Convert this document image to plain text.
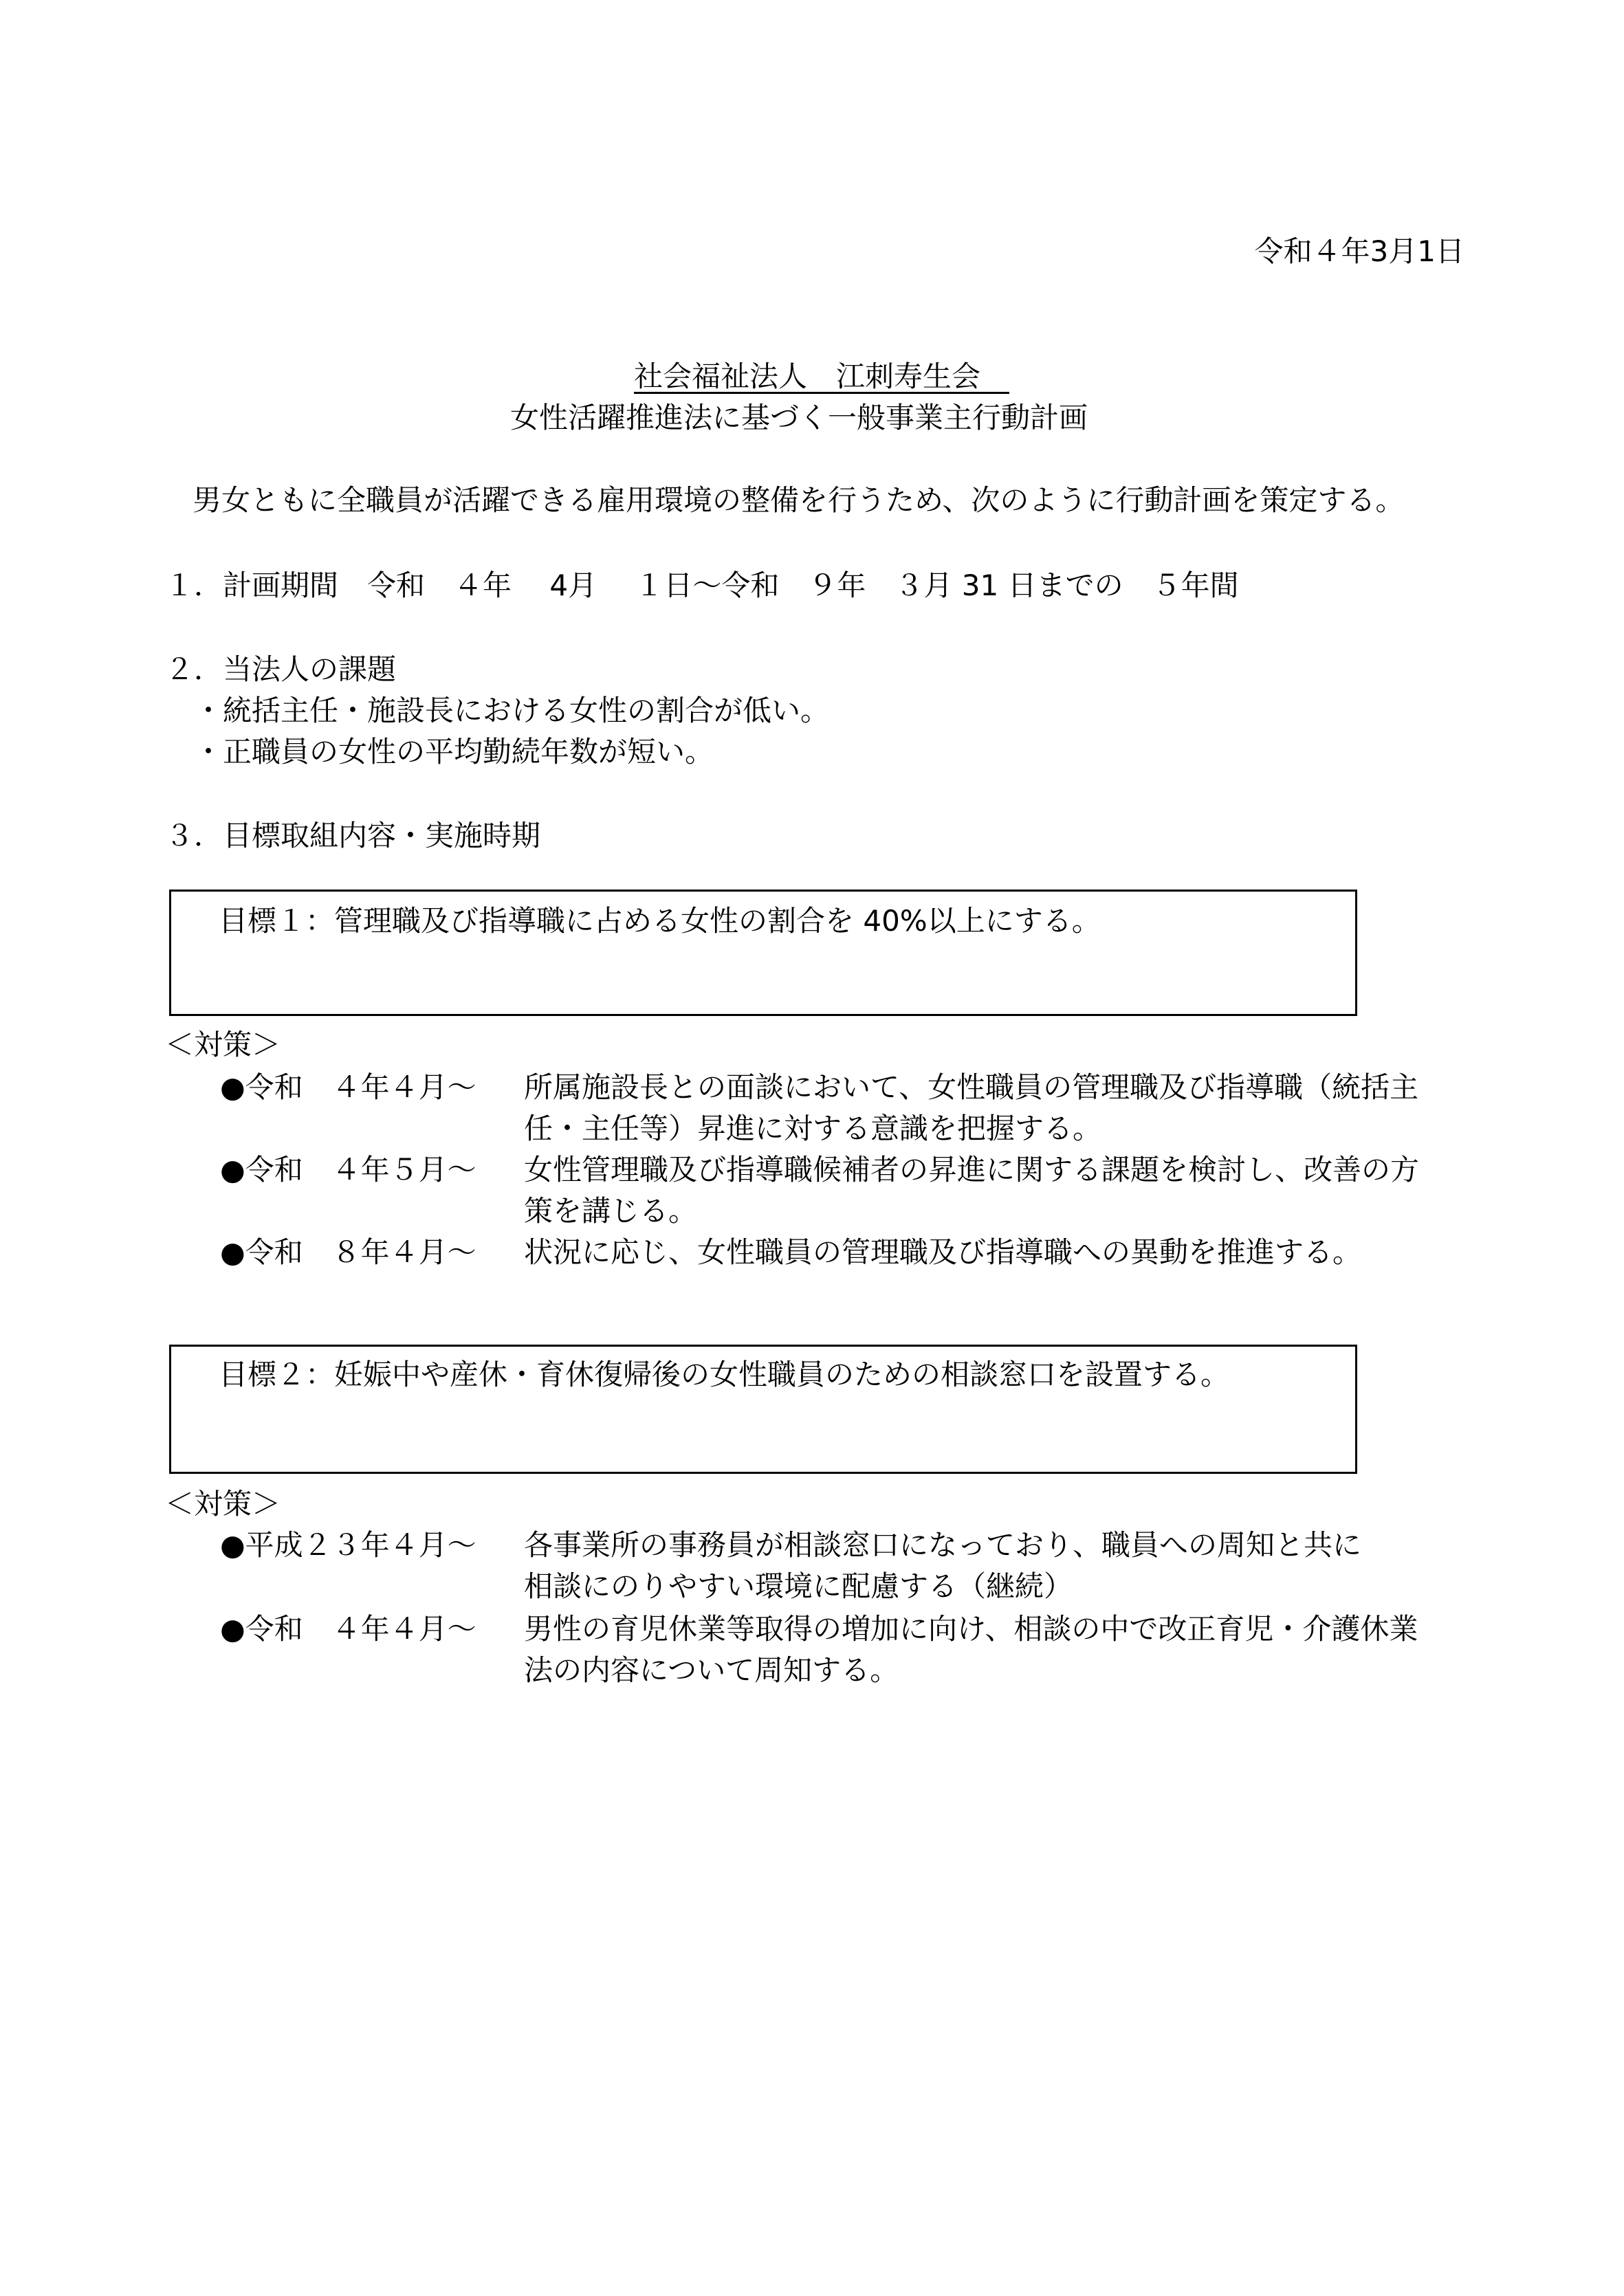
令和４年3月1日
社会福祉法人　江刺寿生会　
女性活躍推進法に基づく一般事業主行動計画
男女ともに全職員が活躍できる雇用環境の整備を行うため、次のように行動計画を策定する。
１．計画期間　令和　４年　 4月 　１日～令和　９年　３月 31 日までの　５年間
２．当法人の課題
・統括主任・施設長における女性の割合が低い。
・正職員の女性の平均勤続年数が短い。
３．目標取組内容・実施時期
目標１：管理職及び指導職に占める女性の割合を 40%以上にする。
＜対策＞
●令和　４年４月～ 所属施設長との面談において、女性職員の管理職及び指導職（統括主
任・主任等）昇進に対する意識を把握する。
●令和　４年５月～ 女性管理職及び指導職候補者の昇進に関する課題を検討し、改善の方
策を講じる。
●令和　８年４月～ 状況に応じ、女性職員の管理職及び指導職への異動を推進する。
目標２：妊娠中や産休・育休復帰後の女性職員のための相談窓口を設置する。
＜対策＞
●平成２３年４月～ 各事業所の事務員が相談窓口になっており、職員への周知と共に
相談にのりやすい環境に配慮する（継続）
●令和　４年４月～ 男性の育児休業等取得の増加に向け、相談の中で改正育児・介護休業
法の内容について周知する。
